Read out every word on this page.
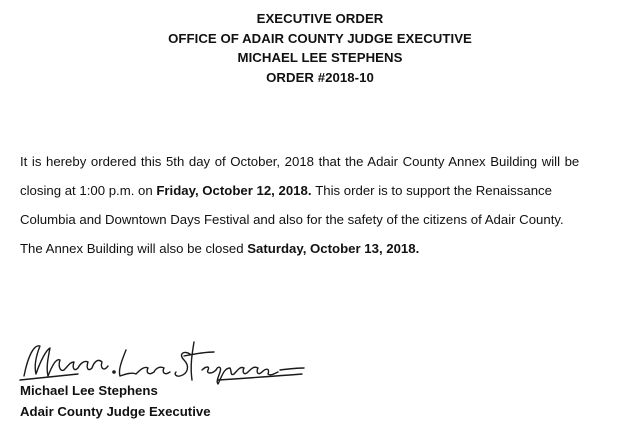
EXECUTIVE ORDER
OFFICE OF ADAIR COUNTY JUDGE EXECUTIVE
MICHAEL LEE STEPHENS
ORDER #2018-10
It is hereby ordered this 5th day of October, 2018 that the Adair County Annex Building will be
closing at 1:00 p.m. on
Friday, October 12, 2018.
This order is to support the Renaissance
Columbia and Downtown Days Festival and also for the safety of the citizens of Adair County.
The Annex Building will also be closed
Saturday, October 13, 2018.
Michael Lee Stephens
Adair County Judge Executive
